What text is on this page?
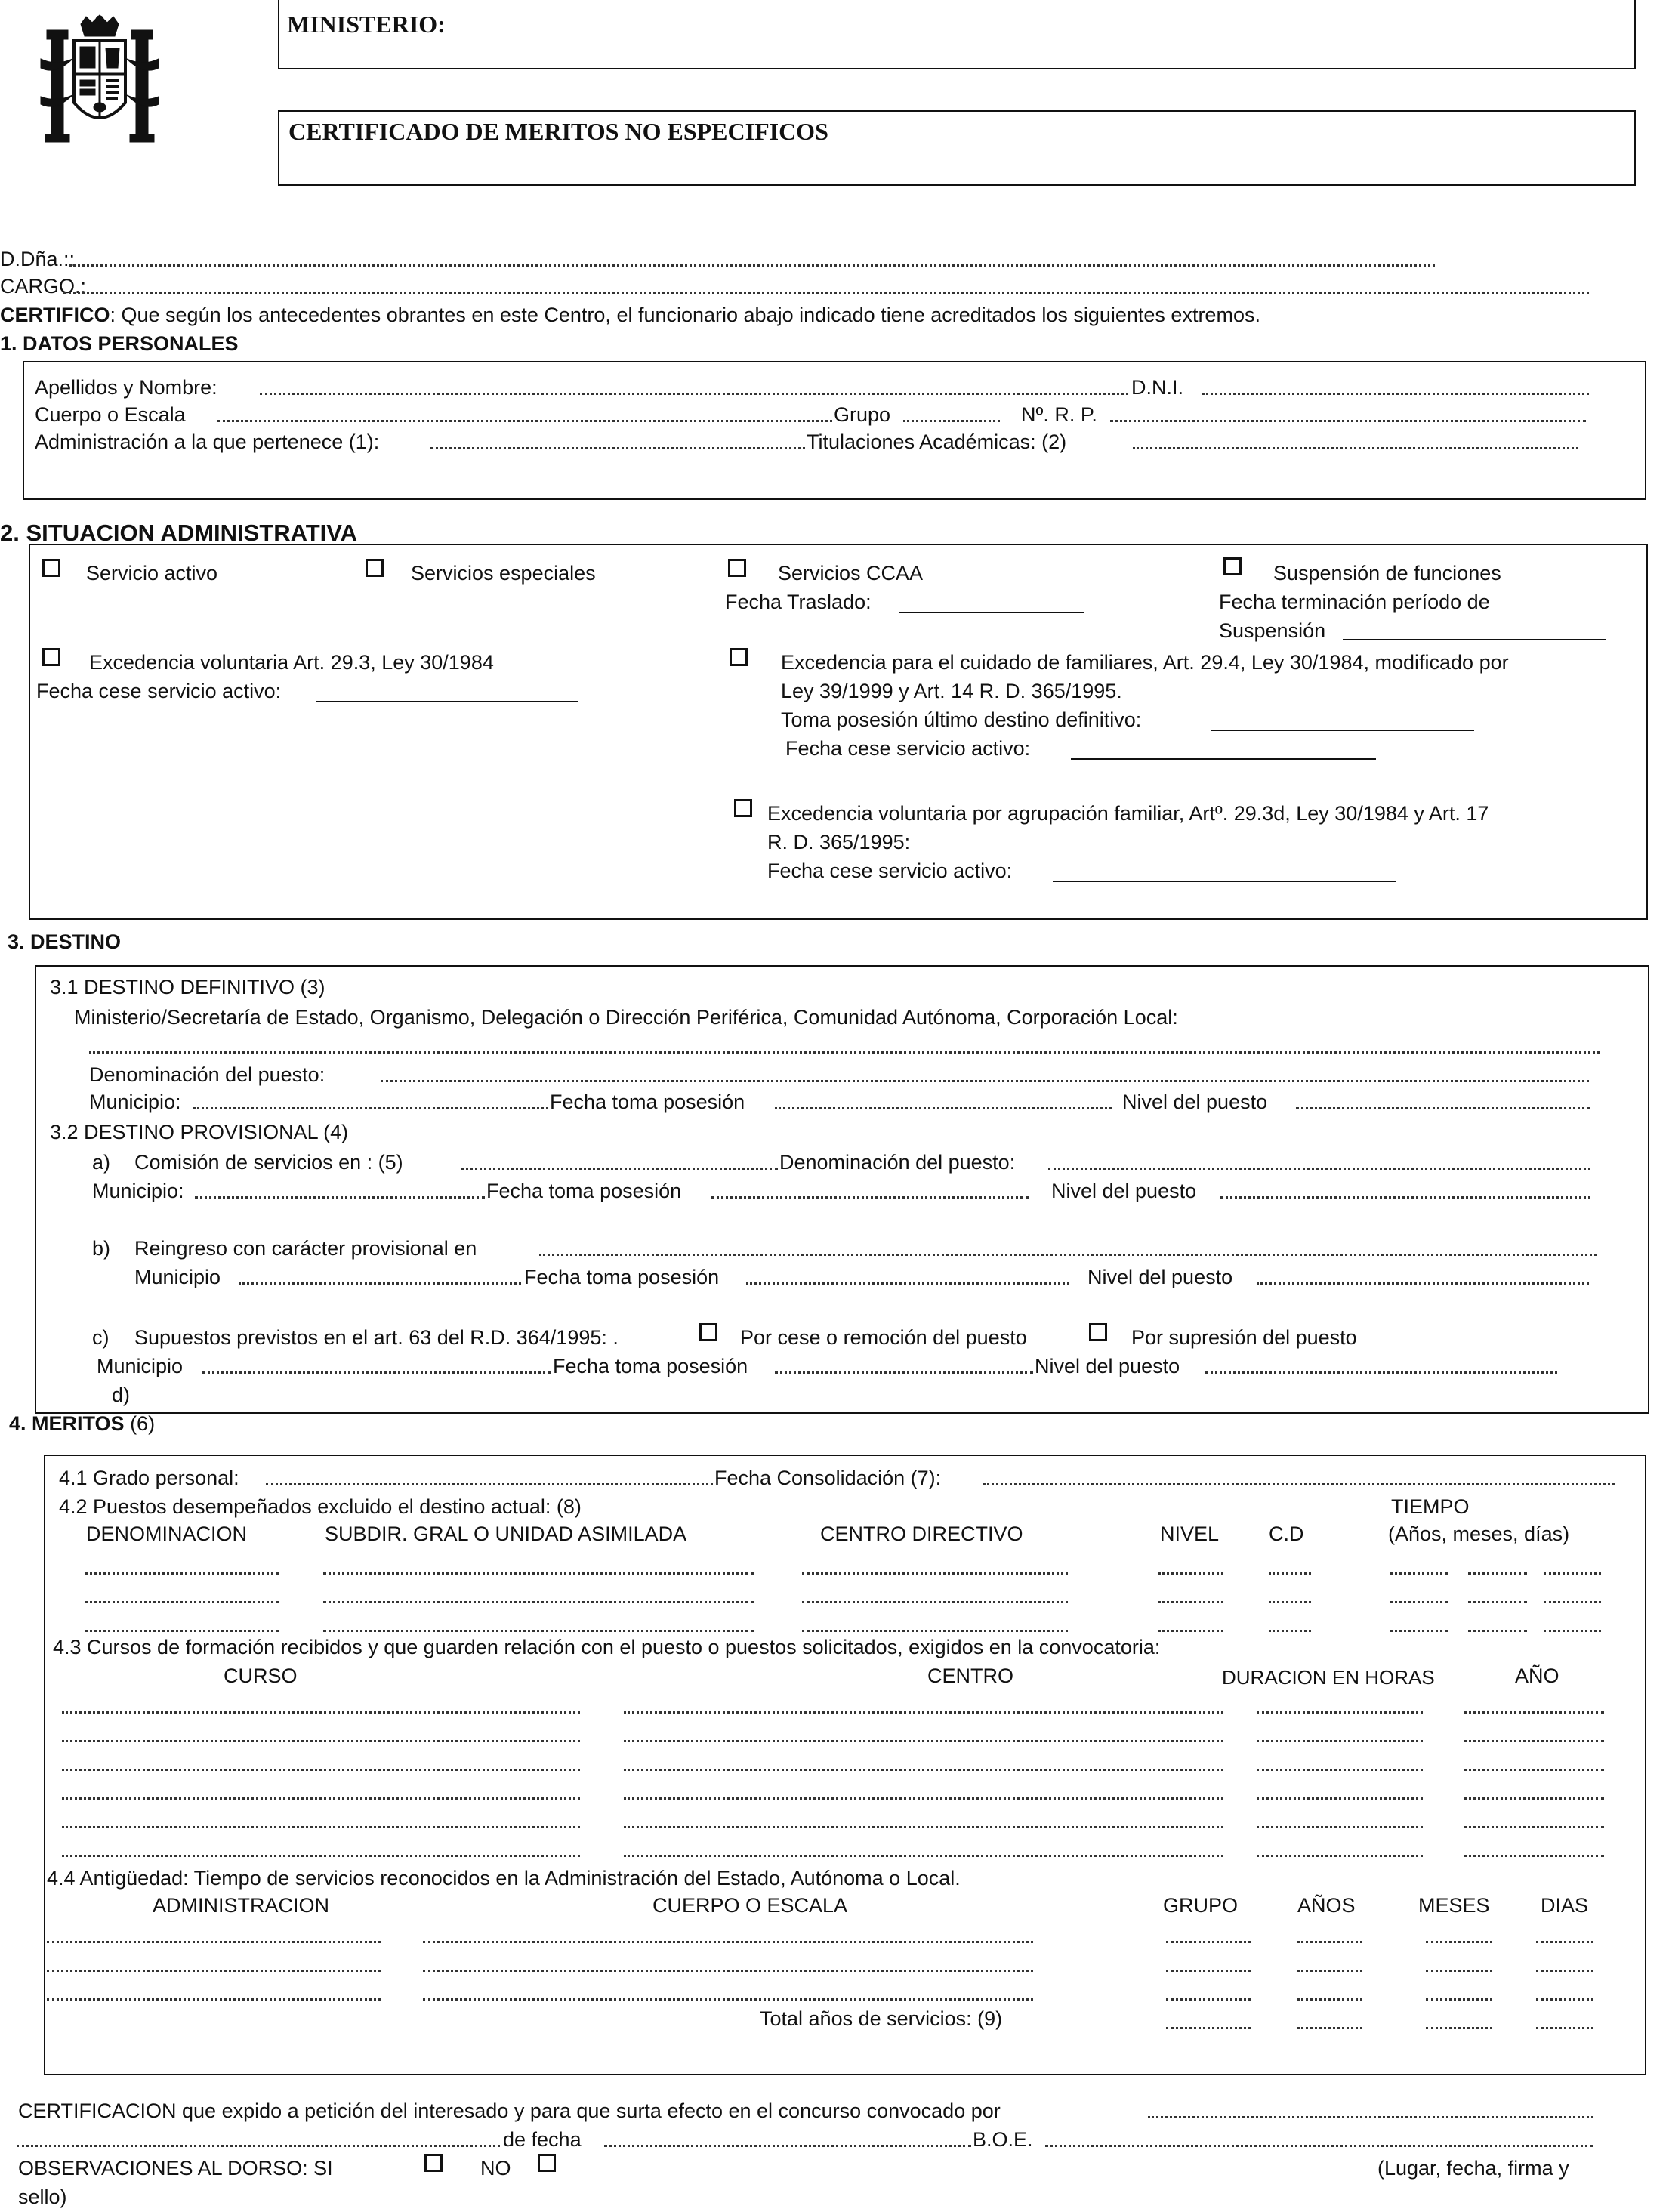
MINISTERIO:
CERTIFICADO DE MERITOS NO ESPECIFICOS
D.Dña.::
CARGO.:
CERTIFICO: Que según los antecedentes obrantes en este Centro, el funcionario abajo indicado tiene acreditados los siguientes extremos.
1. DATOS PERSONALES
Apellidos y Nombre:	D.N.I.
Cuerpo o Escala	Grupo	Nº. R. P.
Administración a la que pertenece (1):	Titulaciones Académicas: (2)
2. SITUACION ADMINISTRATIVA
Servicio activo	Servicios especiales	Servicios CCAA
Fecha Traslado:
Suspensión de funciones
Fecha terminación período de
Suspensión
Excedencia voluntaria Art. 29.3, Ley 30/1984
Fecha cese servicio activo:
Excedencia para el cuidado de familiares, Art. 29.4, Ley 30/1984, modificado por
Ley 39/1999 y Art. 14 R. D. 365/1995.
Toma posesión último destino definitivo:
Fecha cese servicio activo:
Excedencia voluntaria por agrupación familiar, Artº. 29.3d, Ley 30/1984 y Art. 17
R. D. 365/1995:
Fecha cese servicio activo:
3. DESTINO
3.1 DESTINO DEFINITIVO (3)
Ministerio/Secretaría de Estado, Organismo, Delegación o Dirección Periférica, Comunidad Autónoma, Corporación Local:
Denominación del puesto:
Municipio:	Fecha toma posesión	Nivel del puesto
3.2 DESTINO PROVISIONAL (4)
a) Comisión de servicios en : (5)	Denominación del puesto:
Municipio:	Fecha toma posesión	Nivel del puesto
b) Reingreso con carácter provisional en
Municipio	Fecha toma posesión	Nivel del puesto
c) Supuestos previstos en el art. 63 del R.D. 364/1995: .	Por cese o remoción del puesto	Por supresión del puesto
Municipio	Fecha toma posesión	Nivel del puesto
d)
4. MERITOS (6)
4.1 Grado personal:	Fecha Consolidación (7):
4.2 Puestos desempeñados excluido el destino actual: (8)	TIEMPO
DENOMINACION	SUBDIR. GRAL O UNIDAD ASIMILADA	CENTRO DIRECTIVO	NIVEL C.D	(Años, meses, días)
4.3 Cursos de formación recibidos y que guarden relación con el puesto o puestos solicitados, exigidos en la convocatoria:
CURSO	CENTRO	DURACION EN HORAS	AÑO
4.4 Antigüedad: Tiempo de servicios reconocidos en la Administración del Estado, Autónoma o Local.
ADMINISTRACION	CUERPO O ESCALA	GRUPO	AÑOS	MESES DIAS
Total años de servicios: (9)
CERTIFICACION que expido a petición del interesado y para que surta efecto en el concurso convocado por
de fecha	B.O.E.
OBSERVACIONES AL DORSO: SI	NO	(Lugar, fecha, firma y
sello)
